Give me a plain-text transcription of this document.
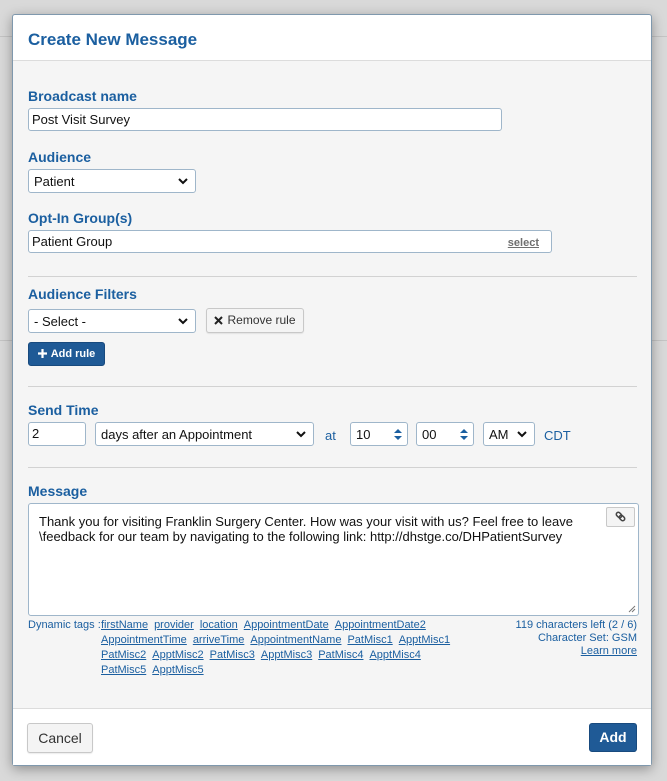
Create New Message
Broadcast name
Post Visit Survey
Audience
Patient
Opt-In Group(s)
Patient Group	select
Audience Filters
- Select -	Remove rule
Add rule
Send Time
2	days after an Appointment	at	10	00	AM	CDT
Message
Thank you for visiting Franklin Surgery Center. How was your visit with us? Feel free to leave
\feedback for our team by navigating to the following link: http://dhstge.co/DHPatientSurvey
Dynamic tags : firstName provider location AppointmentDate AppointmentDate2
AppointmentTime arriveTime AppointmentName PatMisc1 ApptMisc1
PatMisc2 ApptMisc2 PatMisc3 ApptMisc3 PatMisc4 ApptMisc4
PatMisc5 ApptMisc5
119 characters left (2 / 6)
Character Set: GSM
Learn more
Cancel	Add
